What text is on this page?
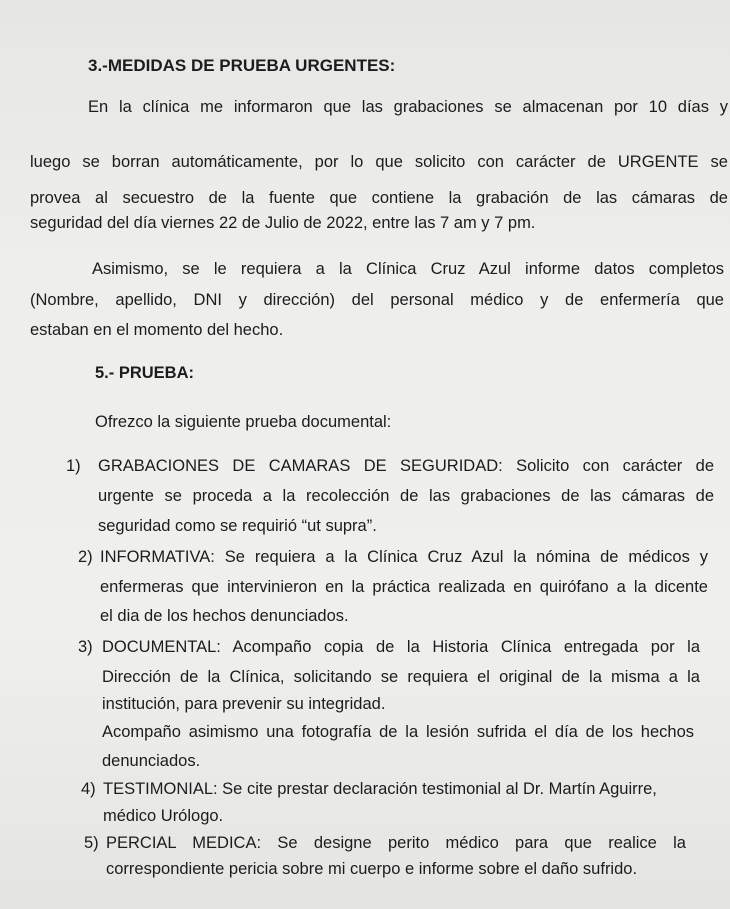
3.-MEDIDAS DE PRUEBA URGENTES:
En la clínica me informaron que las grabaciones se almacenan por 10 días y
luego se borran automáticamente, por lo que solicito con carácter de URGENTE se
provea al secuestro de la fuente que contiene la grabación de las cámaras de
seguridad del día viernes 22 de Julio de 2022, entre las 7 am y 7 pm.
Asimismo, se le requiera a la Clínica Cruz Azul informe datos completos
(Nombre, apellido, DNI y dirección) del personal médico y de enfermería que
estaban en el momento del hecho.
5.- PRUEBA:
Ofrezco la siguiente prueba documental:
1) GRABACIONES DE CAMARAS DE SEGURIDAD: Solicito con carácter de
urgente se proceda a la recolección de las grabaciones de las cámaras de
seguridad como se requirió “ut supra”.
2) INFORMATIVA: Se requiera a la Clínica Cruz Azul la nómina de médicos y
enfermeras que intervinieron en la práctica realizada en quirófano a la dicente
el dia de los hechos denunciados.
3) DOCUMENTAL: Acompaño copia de la Historia Clínica entregada por la
Dirección de la Clínica, solicitando se requiera el original de la misma a la
institución, para prevenir su integridad.
Acompaño asimismo una fotografía de la lesión sufrida el día de los hechos
denunciados.
4) TESTIMONIAL: Se cite prestar declaración testimonial al Dr. Martín Aguirre,
médico Urólogo.
5) PERCIAL MEDICA: Se designe perito médico para que realice la
correspondiente pericia sobre mi cuerpo e informe sobre el daño sufrido.
